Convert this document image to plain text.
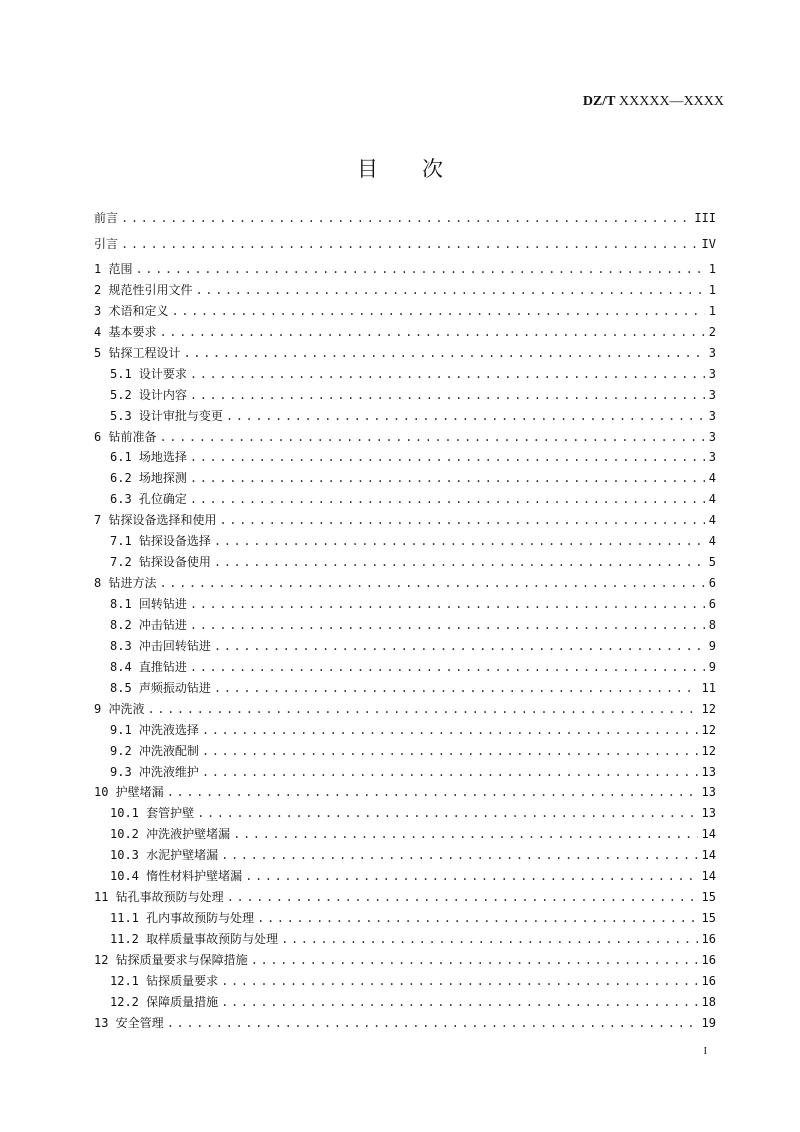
DZ/T XXXXX—XXXX
目 次
前言 .....	III
引言 .....	IV
1 范围 .....	1
2 规范性引用文件 .....	1
3 术语和定义 .....	1
4 基本要求 .....	2
5 钻探工程设计 .....	3
5.1 设计要求 .....	3
5.2 设计内容 .....	3
5.3 设计审批与变更 .....	3
6 钻前准备 .....	3
6.1 场地选择 .....	3
6.2 场地探测 .....	4
6.3 孔位确定 .....	4
7 钻探设备选择和使用 .....	4
7.1 钻探设备选择 .....	4
7.2 钻探设备使用 .....	5
8 钻进方法 .....	6
8.1 回转钻进 .....	6
8.2 冲击钻进 .....	8
8.3 冲击回转钻进 .....	9
8.4 直推钻进 .....	9
8.5 声频振动钻进 .....	11
9 冲洗液 .....	12
9.1 冲洗液选择 .....	12
9.2 冲洗液配制 .....	12
9.3 冲洗液维护 .....	13
10 护壁堵漏 .....	13
10.1 套管护壁 .....	13
10.2 冲洗液护壁堵漏 .....	14
10.3 水泥护壁堵漏 .....	14
10.4 惰性材料护壁堵漏 .....	14
11 钻孔事故预防与处理 .....	15
11.1 孔内事故预防与处理 .....	15
11.2 取样质量事故预防与处理 .....	16
12 钻探质量要求与保障措施 .....	16
12.1 钻探质量要求 .....	16
12.2 保障质量措施 .....	18
13 安全管理 .....	19
I
